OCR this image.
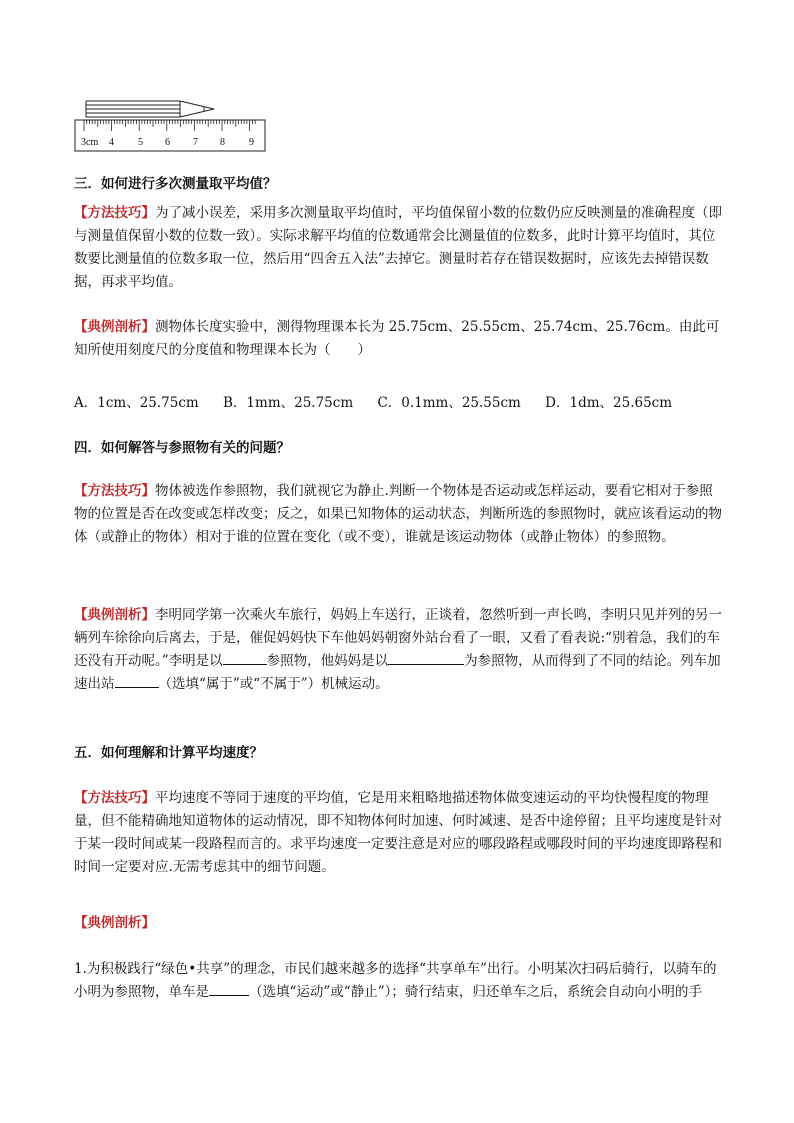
3cm 4 5 6 7 8 9

三．如何进行多次测量取平均值？

【方法技巧】为了减小误差，采用多次测量取平均值时，平均值保留小数的位数仍应反映测量的准确程度（即与测量值保留小数的位数一致）。实际求解平均值的位数通常会比测量值的位数多，此时计算平均值时，其位数要比测量值的位数多取一位，然后用“四舍五入法”去掉它。测量时若存在错误数据时，应该先去掉错误数据，再求平均值。

【典例剖析】测物体长度实验中，测得物理课本长为 25.75cm、25.55cm、25.74cm、25.76cm。由此可知所使用刻度尺的分度值和物理课本长为（　　）

A．1cm、25.75cm B．1mm、25.75cm C．0.1mm、25.55cm D．1dm、25.65cm

四．如何解答与参照物有关的问题？

【方法技巧】物体被选作参照物，我们就视它为静止.判断一个物体是否运动或怎样运动，要看它相对于参照物的位置是否在改变或怎样改变；反之，如果已知物体的运动状态，判断所选的参照物时，就应该看运动的物体（或静止的物体）相对于谁的位置在变化（或不变），谁就是该运动物体（或静止物体）的参照物。

【典例剖析】李明同学第一次乘火车旅行，妈妈上车送行，正谈着，忽然听到一声长鸣，李明只见并列的另一辆列车徐徐向后离去，于是，催促妈妈快下车他妈妈朝窗外站台看了一眼，又看了看表说:“别着急，我们的车还没有开动呢。”李明是以	参照物，他妈妈是以	为参照物，从而得到了不同的结论。列车加速出站	（选填“属于”或“不属于”）机械运动。

五．如何理解和计算平均速度？

【方法技巧】平均速度不等同于速度的平均值，它是用来粗略地描述物体做变速运动的平均快慢程度的物理量，但不能精确地知道物体的运动情况，即不知物体何时加速、何时减速、是否中途停留；且平均速度是针对于某一段时间或某一段路程而言的。求平均速度一定要注意是对应的哪段路程或哪段时间的平均速度即路程和时间一定要对应.无需考虑其中的细节问题。

【典例剖析】

1.为积极践行“绿色•共享”的理念，市民们越来越多的选择“共享单车”出行。小明某次扫码后骑行，以骑车的小明为参照物，单车是	（选填“运动”或“静止”）；骑行结束，归还单车之后，系统会自动向小明的手
